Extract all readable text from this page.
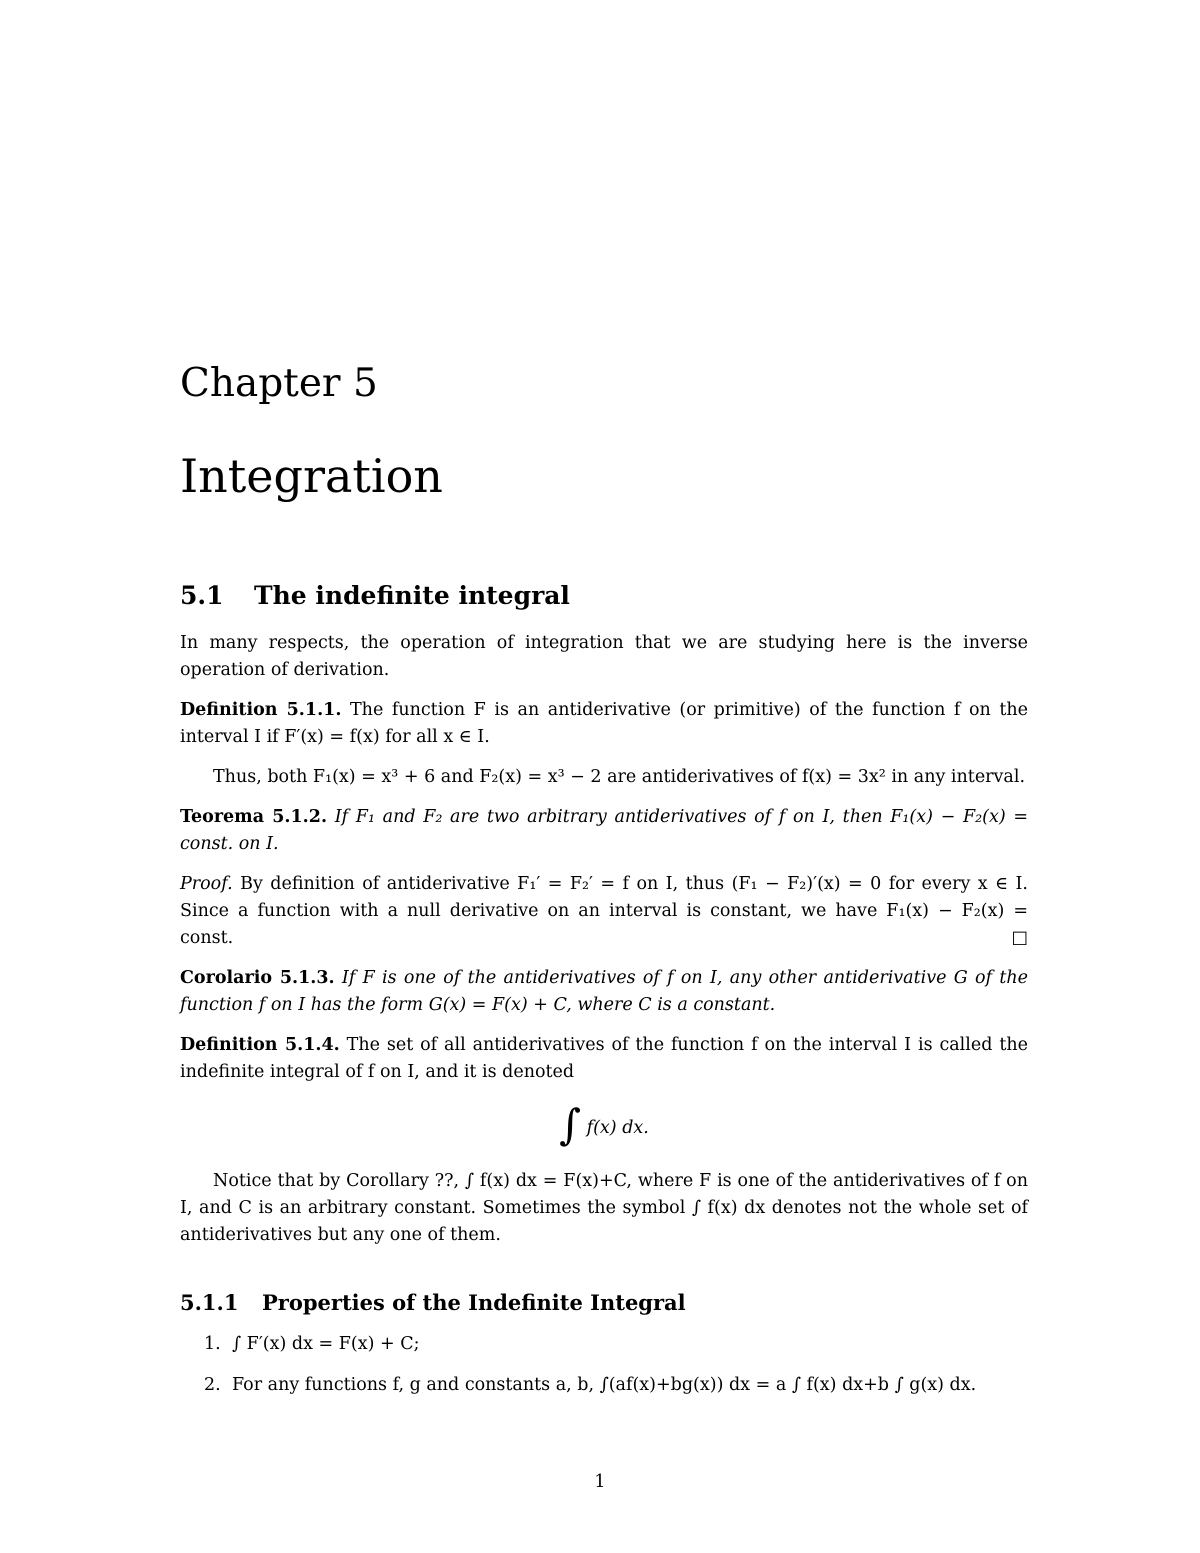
Chapter 5
Integration
5.1 The indefinite integral

In many respects, the operation of integration that we are studying here is the inverse operation of derivation.

Definition 5.1.1. The function F is an antiderivative (or primitive) of the function f on the interval I if F′(x) = f(x) for all x ∈ I.

Thus, both F₁(x) = x³ + 6 and F₂(x) = x³ − 2 are antiderivatives of f(x) = 3x² in any interval.

Teorema 5.1.2. If F₁ and F₂ are two arbitrary antiderivatives of f on I, then F₁(x) − F₂(x) = const. on I.

Proof. By definition of antiderivative F₁′ = F₂′ = f on I, thus (F₁ − F₂)′(x) = 0 for every x ∈ I. Since a function with a null derivative on an interval is constant, we have F₁(x) − F₂(x) = const.	□

Corolario 5.1.3. If F is one of the antiderivatives of f on I, any other antiderivative G of the function f on I has the form G(x) = F(x) + C, where C is a constant.

Definition 5.1.4. The set of all antiderivatives of the function f on the interval I is called the indefinite integral of f on I, and it is denoted

∫ f(x) dx.

Notice that by Corollary ??, ∫ f(x) dx = F(x)+C, where F is one of the antiderivatives of f on I, and C is an arbitrary constant. Sometimes the symbol ∫ f(x) dx denotes not the whole set of antiderivatives but any one of them.

5.1.1 Properties of the Indefinite Integral
1. ∫ F′(x) dx = F(x) + C;
2. For any functions f, g and constants a, b, ∫(af(x)+bg(x)) dx = a ∫ f(x) dx+b ∫ g(x) dx.
1
